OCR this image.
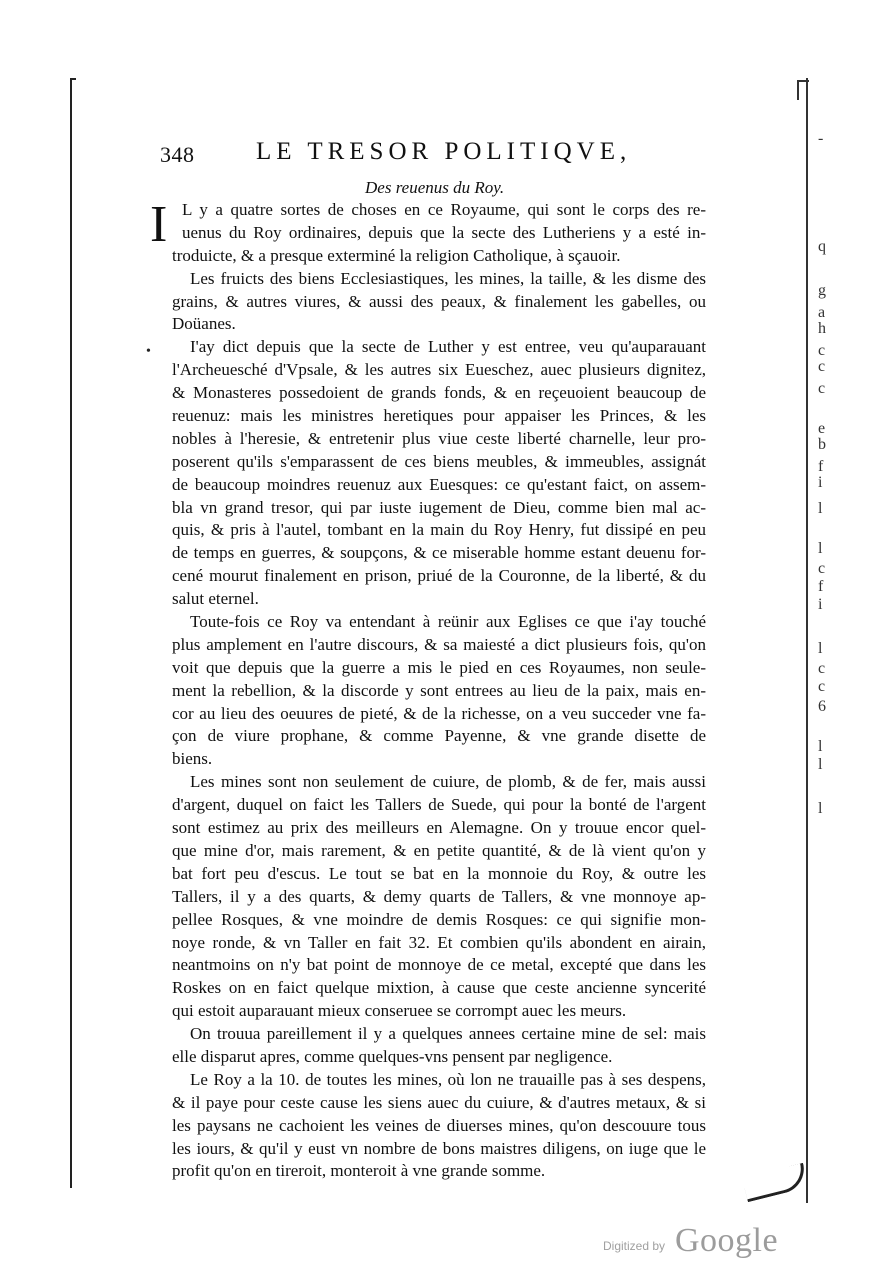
•
-
q
g
a
h
c
c
c
e
b
f
i
l
l
c
f
i
l
c
c
6
l
l
l
348 LE TRESOR POLITIQVE,
Des reuenus du Roy.
I L y a quatre sortes de choses en ce Royaume, qui sont le corps des re-
uenus du Roy ordinaires, depuis que la secte des Lutheriens y a esté in-
troduicte, & a presque exterminé la religion Catholique, à sçauoir.
Les fruicts des biens Ecclesiastiques, les mines, la taille, & les disme des
grains, & autres viures, & aussi des peaux, & finalement les gabelles, ou
Doüanes.
I'ay dict depuis que la secte de Luther y est entree, veu qu'auparauant
l'Archeuesché d'Vpsale, & les autres six Eueschez, auec plusieurs dignitez,
& Monasteres possedoient de grands fonds, & en reçeuoient beaucoup de
reuenuz: mais les ministres heretiques pour appaiser les Princes, & les
nobles à l'heresie, & entretenir plus viue ceste liberté charnelle, leur pro-
poserent qu'ils s'emparassent de ces biens meubles, & immeubles, assignát
de beaucoup moindres reuenuz aux Euesques: ce qu'estant faict, on assem-
bla vn grand tresor, qui par iuste iugement de Dieu, comme bien mal ac-
quis, & pris à l'autel, tombant en la main du Roy Henry, fut dissipé en peu
de temps en guerres, & soupçons, & ce miserable homme estant deuenu for-
cené mourut finalement en prison, priué de la Couronne, de la liberté, & du
salut eternel.
Toute-fois ce Roy va entendant à reünir aux Eglises ce que i'ay touché
plus amplement en l'autre discours, & sa maiesté a dict plusieurs fois, qu'on
voit que depuis que la guerre a mis le pied en ces Royaumes, non seule-
ment la rebellion, & la discorde y sont entrees au lieu de la paix, mais en-
cor au lieu des oeuures de pieté, & de la richesse, on a veu succeder vne fa-
çon de viure prophane, & comme Payenne, & vne grande disette de
biens.
Les mines sont non seulement de cuiure, de plomb, & de fer, mais aussi
d'argent, duquel on faict les Tallers de Suede, qui pour la bonté de l'argent
sont estimez au prix des meilleurs en Alemagne. On y trouue encor quel-
que mine d'or, mais rarement, & en petite quantité, & de là vient qu'on y
bat fort peu d'escus. Le tout se bat en la monnoie du Roy, & outre les
Tallers, il y a des quarts, & demy quarts de Tallers, & vne monnoye ap-
pellee Rosques, & vne moindre de demis Rosques: ce qui signifie mon-
noye ronde, & vn Taller en fait 32. Et combien qu'ils abondent en airain,
neantmoins on n'y bat point de monnoye de ce metal, excepté que dans les
Roskes on en faict quelque mixtion, à cause que ceste ancienne syncerité
qui estoit auparauant mieux conseruee se corrompt auec les meurs.
On trouua pareillement il y a quelques annees certaine mine de sel: mais
elle disparut apres, comme quelques-vns pensent par negligence.
Le Roy a la 10. de toutes les mines, où lon ne trauaille pas à ses despens,
& il paye pour ceste cause les siens auec du cuiure, & d'autres metaux, & si
les paysans ne cachoient les veines de diuerses mines, qu'on descouure tous
les iours, & qu'il y eust vn nombre de bons maistres diligens, on iuge que le
profit qu'on en tireroit, monteroit à vne grande somme.
Digitized by Google
